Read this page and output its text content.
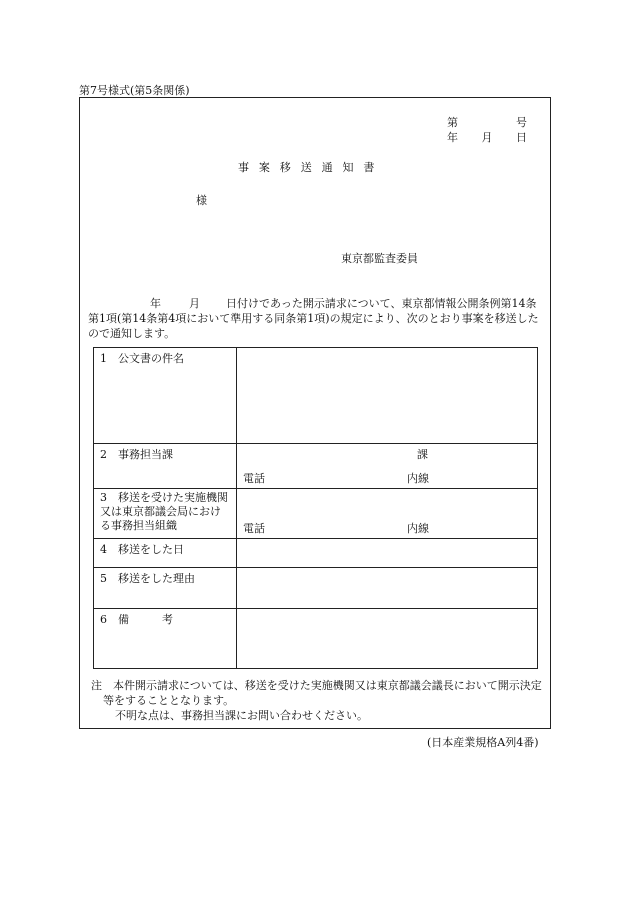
第7号様式(第5条関係)
第	号
年 月 日
事案移送通知書
様
東京都監査委員
年	月 日付けであった開示請求について、東京都情報公開条例第14条第1項(第14条第4項において準用する同条第1項)の規定により、次のとおり事案を移送したので通知します。
1　公文書の件名	
2　事務担当課	課
電話 内線

3　移送を受けた実施機関又は東京都議会局における事務担当組織	電話 内線

4　移送をした日	
5　移送をした理由	
6　備　　　考	
注　本件開示請求については、移送を受けた実施機関又は東京都議会議長において開示決定等をすることとなります。
不明な点は、事務担当課にお問い合わせください。
(日本産業規格A列4番)
